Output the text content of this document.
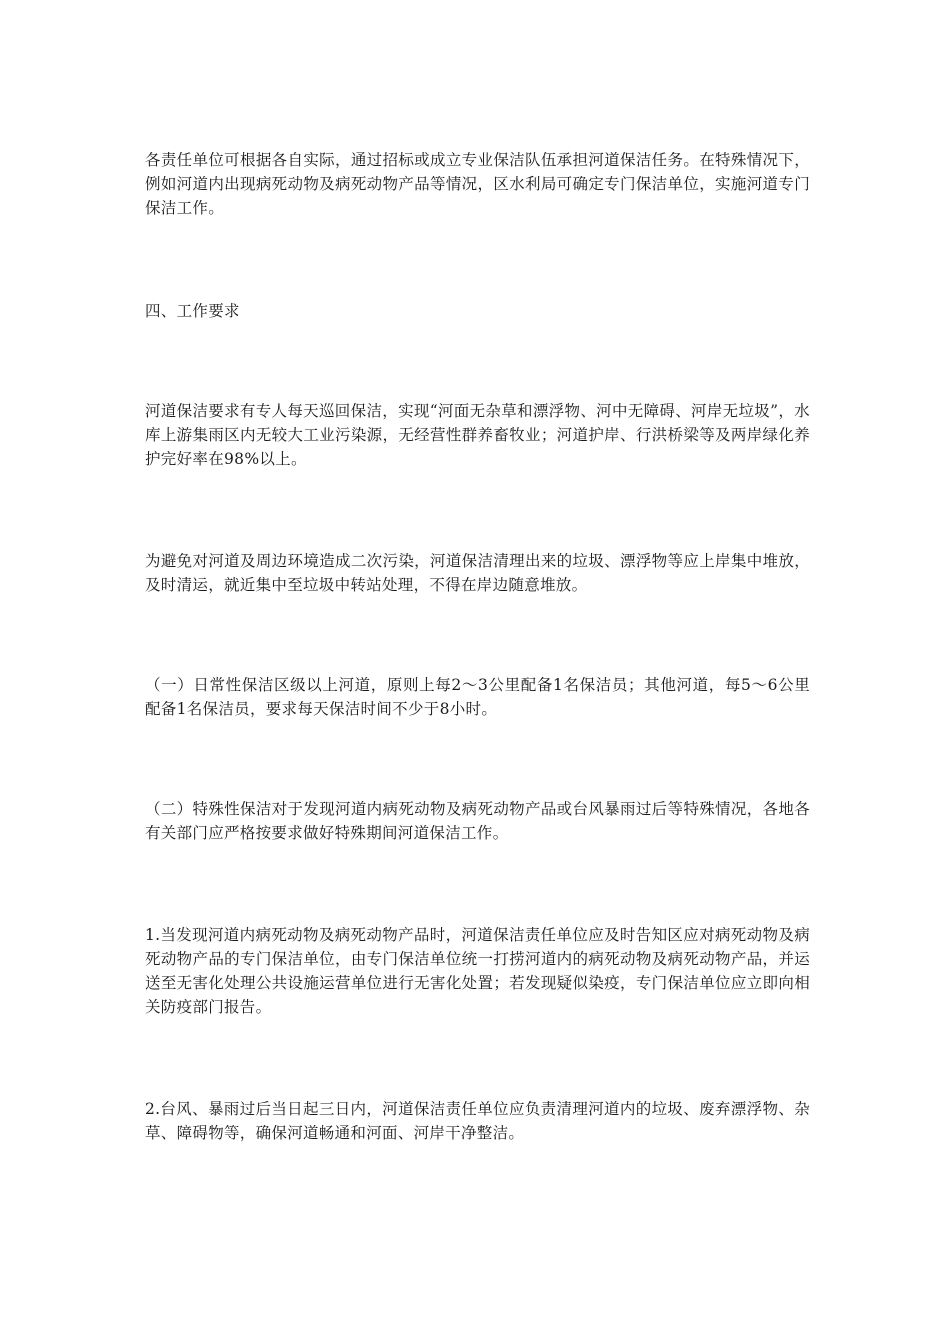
各责任单位可根据各自实际，通过招标或成立专业保洁队伍承担河道保洁任务。在特殊情况下，例如河道内出现病死动物及病死动物产品等情况，区水利局可确定专门保洁单位，实施河道专门保洁工作。

四、工作要求

河道保洁要求有专人每天巡回保洁，实现“河面无杂草和漂浮物、河中无障碍、河岸无垃圾”，水库上游集雨区内无较大工业污染源，无经营性群养畜牧业；河道护岸、行洪桥梁等及两岸绿化养护完好率在98%以上。

为避免对河道及周边环境造成二次污染，河道保洁清理出来的垃圾、漂浮物等应上岸集中堆放，及时清运，就近集中至垃圾中转站处理，不得在岸边随意堆放。

（一）日常性保洁区级以上河道，原则上每2～3公里配备1名保洁员；其他河道，每5～6公里配备1名保洁员，要求每天保洁时间不少于8小时。

（二）特殊性保洁对于发现河道内病死动物及病死动物产品或台风暴雨过后等特殊情况，各地各有关部门应严格按要求做好特殊期间河道保洁工作。

1.当发现河道内病死动物及病死动物产品时，河道保洁责任单位应及时告知区应对病死动物及病死动物产品的专门保洁单位，由专门保洁单位统一打捞河道内的病死动物及病死动物产品，并运送至无害化处理公共设施运营单位进行无害化处置；若发现疑似染疫，专门保洁单位应立即向相关防疫部门报告。

2.台风、暴雨过后当日起三日内，河道保洁责任单位应负责清理河道内的垃圾、废弃漂浮物、杂草、障碍物等，确保河道畅通和河面、河岸干净整洁。
